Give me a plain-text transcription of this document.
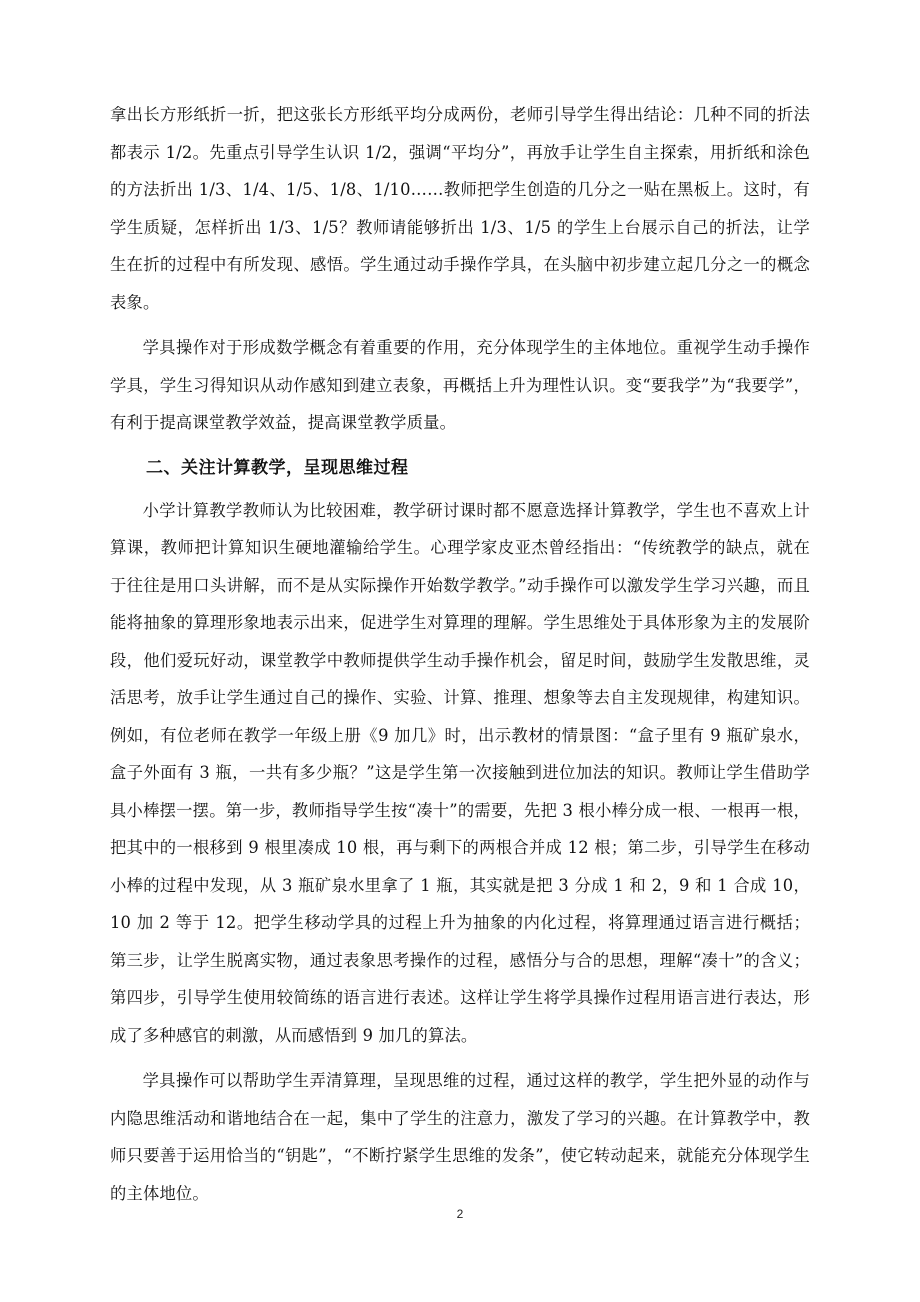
拿出长方形纸折一折，把这张长方形纸平均分成两份，老师引导学生得出结论：几种不同的折法都表示 1/2。先重点引导学生认识 1/2，强调“平均分”，再放手让学生自主探索，用折纸和涂色的方法折出 1/3、1/4、1/5、1/8、1/10……教师把学生创造的几分之一贴在黑板上。这时，有学生质疑，怎样折出 1/3、1/5？教师请能够折出 1/3、1/5 的学生上台展示自己的折法，让学生在折的过程中有所发现、感悟。学生通过动手操作学具，在头脑中初步建立起几分之一的概念表象。

学具操作对于形成数学概念有着重要的作用，充分体现学生的主体地位。重视学生动手操作学具，学生习得知识从动作感知到建立表象，再概括上升为理性认识。变“要我学”为“我要学”，有利于提高课堂教学效益，提高课堂教学质量。

二、关注计算教学，呈现思维过程

小学计算教学教师认为比较困难，教学研讨课时都不愿意选择计算教学，学生也不喜欢上计算课，教师把计算知识生硬地灌输给学生。心理学家皮亚杰曾经指出：“传统教学的缺点，就在于往往是用口头讲解，而不是从实际操作开始数学教学。”动手操作可以激发学生学习兴趣，而且能将抽象的算理形象地表示出来，促进学生对算理的理解。学生思维处于具体形象为主的发展阶段，他们爱玩好动，课堂教学中教师提供学生动手操作机会，留足时间，鼓励学生发散思维，灵活思考，放手让学生通过自己的操作、实验、计算、推理、想象等去自主发现规律，构建知识。例如，有位老师在教学一年级上册《9 加几》时，出示教材的情景图：“盒子里有 9 瓶矿泉水，盒子外面有 3 瓶，一共有多少瓶？”这是学生第一次接触到进位加法的知识。教师让学生借助学具小棒摆一摆。第一步，教师指导学生按“凑十”的需要，先把 3 根小棒分成一根、一根再一根，把其中的一根移到 9 根里凑成 10 根，再与剩下的两根合并成 12 根；第二步，引导学生在移动小棒的过程中发现，从 3 瓶矿泉水里拿了 1 瓶，其实就是把 3 分成 1 和 2，9 和 1 合成 10，10 加 2 等于 12。把学生移动学具的过程上升为抽象的内化过程，将算理通过语言进行概括；第三步，让学生脱离实物，通过表象思考操作的过程，感悟分与合的思想，理解“凑十”的含义；第四步，引导学生使用较简练的语言进行表述。这样让学生将学具操作过程用语言进行表达，形成了多种感官的刺激，从而感悟到 9 加几的算法。

学具操作可以帮助学生弄清算理，呈现思维的过程，通过这样的教学，学生把外显的动作与内隐思维活动和谐地结合在一起，集中了学生的注意力，激发了学习的兴趣。在计算教学中，教师只要善于运用恰当的“钥匙”，“不断拧紧学生思维的发条”，使它转动起来，就能充分体现学生的主体地位。

2
